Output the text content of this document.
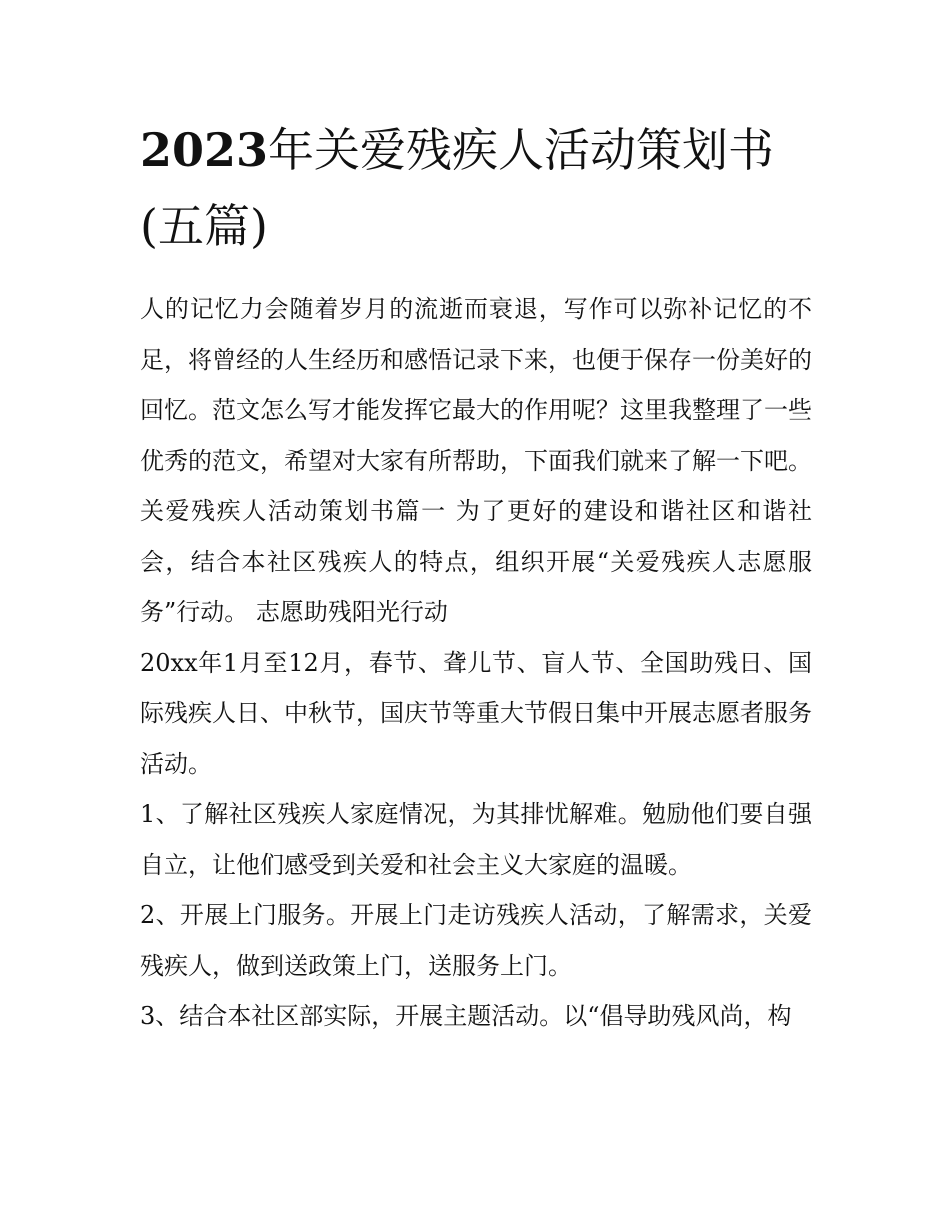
2023年关爱残疾人活动策划书(五篇)

人的记忆力会随着岁月的流逝而衰退，写作可以弥补记忆的不足，将曾经的人生经历和感悟记录下来，也便于保存一份美好的回忆。范文怎么写才能发挥它最大的作用呢？这里我整理了一些优秀的范文，希望对大家有所帮助，下面我们就来了解一下吧。

关爱残疾人活动策划书篇一 为了更好的建设和谐社区和谐社会，结合本社区残疾人的特点，组织开展“关爱残疾人志愿服务”行动。 志愿助残阳光行动

20xx年1月至12月，春节、聋儿节、盲人节、全国助残日、国际残疾人日、中秋节，国庆节等重大节假日集中开展志愿者服务活动。

1、了解社区残疾人家庭情况，为其排忧解难。勉励他们要自强自立，让他们感受到关爱和社会主义大家庭的温暖。

2、开展上门服务。开展上门走访残疾人活动，了解需求，关爱残疾人，做到送政策上门，送服务上门。

3、结合本社区部实际，开展主题活动。以“倡导助残风尚，构
